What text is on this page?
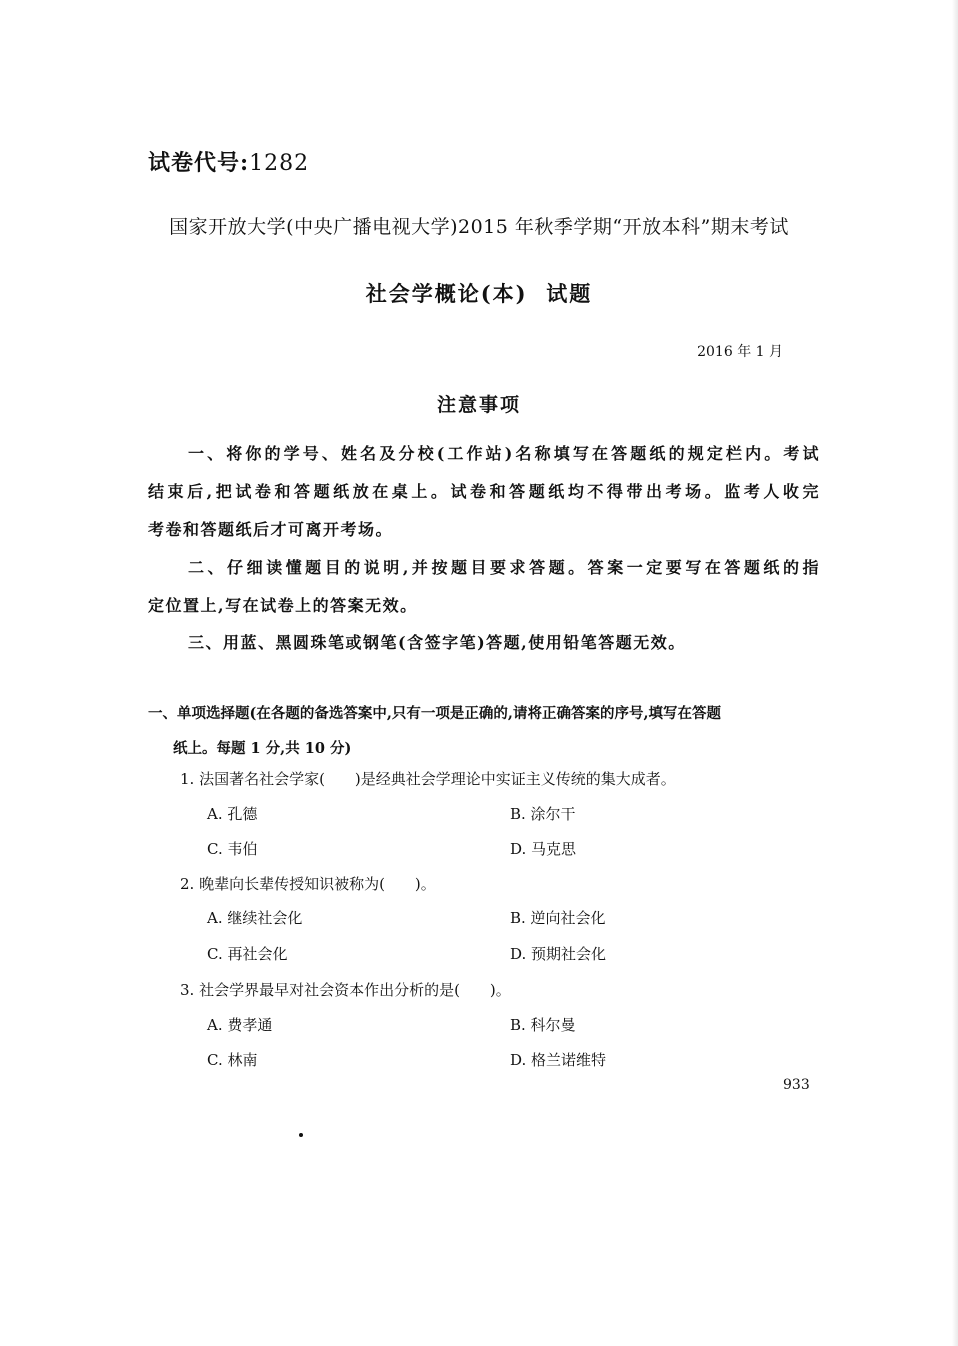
试卷代号:1282
国家开放大学(中央广播电视大学)2015 年秋季学期“开放本科”期末考试
社会学概论(本)  试题
2016 年 1 月
注意事项
一、将你的学号、姓名及分校(工作站)名称填写在答题纸的规定栏内。考试
结束后,把试卷和答题纸放在桌上。试卷和答题纸均不得带出考场。监考人收完
考卷和答题纸后才可离开考场。
二、仔细读懂题目的说明,并按题目要求答题。答案一定要写在答题纸的指
定位置上,写在试卷上的答案无效。
三、用蓝、黑圆珠笔或钢笔(含签字笔)答题,使用铅笔答题无效。
一、单项选择题(在各题的备选答案中,只有一项是正确的,请将正确答案的序号,填写在答题
纸上。每题 1 分,共 10 分)
1. 法国著名社会学家(　　)是经典社会学理论中实证主义传统的集大成者。
A. 孔德	B. 涂尔干
C. 韦伯	D. 马克思
2. 晚辈向长辈传授知识被称为(　　)。
A. 继续社会化	B. 逆向社会化
C. 再社会化	D. 预期社会化
3. 社会学界最早对社会资本作出分析的是(　　)。
A. 费孝通	B. 科尔曼
C. 林南	D. 格兰诺维特
933
